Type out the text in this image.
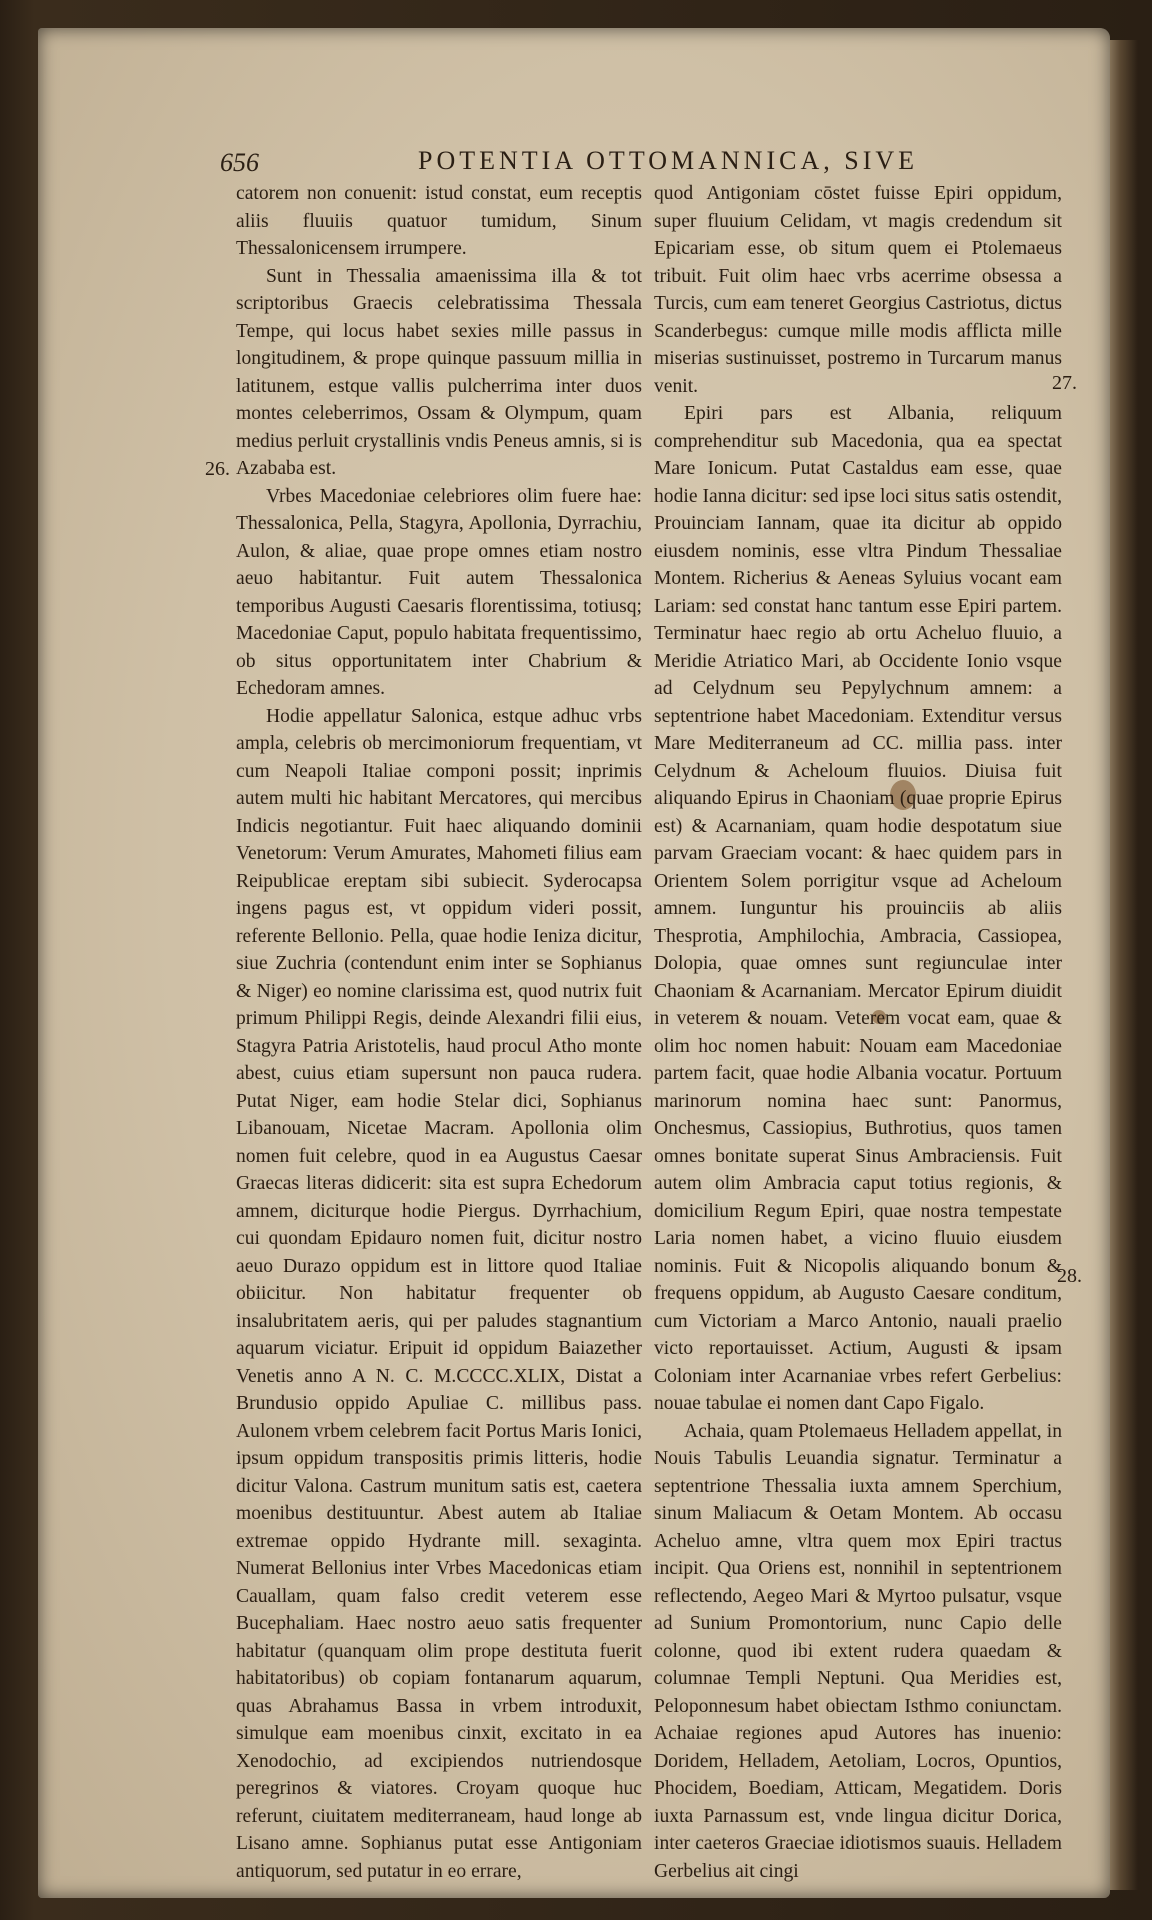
656	POTENTIA OTTOMANNICA, SIVE
26.
27.
28.

catorem non conuenit: istud constat, eum receptis aliis fluuiis quatuor tumidum, Sinum Thessalonicensem irrumpere.

Sunt in Thessalia amaenissima illa & tot scriptoribus Graecis celebratissima Thessala Tempe, qui locus habet sexies mille passus in longitudinem, & prope quinque passuum millia in latitunem, estque vallis pulcherrima inter duos montes celeberrimos, Ossam & Olympum, quam medius perluit crystallinis vndis Peneus amnis, si is Azababa est.

Vrbes Macedoniae celebriores olim fuere hae: Thessalonica, Pella, Stagyra, Apollonia, Dyrrachiu, Aulon, & aliae, quae prope omnes etiam nostro aeuo habitantur. Fuit autem Thessalonica temporibus Augusti Caesaris florentissima, totiusq; Macedoniae Caput, populo habitata frequentissimo, ob situs opportunitatem inter Chabrium & Echedoram amnes.

Hodie appellatur Salonica, estque adhuc vrbs ampla, celebris ob mercimoniorum frequentiam, vt cum Neapoli Italiae componi possit; inprimis autem multi hic habitant Mercatores, qui mercibus Indicis negotiantur. Fuit haec aliquando dominii Venetorum: Verum Amurates, Mahometi filius eam Reipublicae ereptam sibi subiecit. Syderocapsa ingens pagus est, vt oppidum videri possit, referente Bellonio. Pella, quae hodie Ieniza dicitur, siue Zuchria (contendunt enim inter se Sophianus & Niger) eo nomine clarissima est, quod nutrix fuit primum Philippi Regis, deinde Alexandri filii eius, Stagyra Patria Aristotelis, haud procul Atho monte abest, cuius etiam supersunt non pauca rudera. Putat Niger, eam hodie Stelar dici, Sophianus Libanouam, Nicetae Macram. Apollonia olim nomen fuit celebre, quod in ea Augustus Caesar Graecas literas didicerit: sita est supra Echedorum amnem, diciturque hodie Piergus. Dyrrhachium, cui quondam Epidauro nomen fuit, dicitur nostro aeuo Durazo oppidum est in littore quod Italiae obiicitur. Non habitatur frequenter ob insalubritatem aeris, qui per paludes stagnantium aquarum viciatur. Eripuit id oppidum Baiazether Venetis anno A N. C. M.CCCC.XLIX, Distat a Brundusio oppido Apuliae C. millibus pass. Aulonem vrbem celebrem facit Portus Maris Ionici, ipsum oppidum transpositis primis litteris, hodie dicitur Valona. Castrum munitum satis est, caetera moenibus destituuntur. Abest autem ab Italiae extremae oppido Hydrante mill. sexaginta. Numerat Bellonius inter Vrbes Macedonicas etiam Cauallam, quam falso credit veterem esse Bucephaliam. Haec nostro aeuo satis frequenter habitatur (quanquam olim prope destituta fuerit habitatoribus) ob copiam fontanarum aquarum, quas Abrahamus Bassa in vrbem introduxit, simulque eam moenibus cinxit, excitato in ea Xenodochio, ad excipiendos nutriendosque peregrinos & viatores. Croyam quoque huc referunt, ciuitatem mediterraneam, haud longe ab Lisano amne. Sophianus putat esse Antigoniam antiquorum, sed putatur in eo errare,

quod Antigoniam cōstet fuisse Epiri oppidum, super fluuium Celidam, vt magis credendum sit Epicariam esse, ob situm quem ei Ptolemaeus tribuit. Fuit olim haec vrbs acerrime obsessa a Turcis, cum eam teneret Georgius Castriotus, dictus Scanderbegus: cumque mille modis afflicta mille miserias sustinuisset, postremo in Turcarum manus venit.

Epiri pars est Albania, reliquum comprehenditur sub Macedonia, qua ea spectat Mare Ionicum. Putat Castaldus eam esse, quae hodie Ianna dicitur: sed ipse loci situs satis ostendit, Prouinciam Iannam, quae ita dicitur ab oppido eiusdem nominis, esse vltra Pindum Thessaliae Montem. Richerius & Aeneas Syluius vocant eam Lariam: sed constat hanc tantum esse Epiri partem. Terminatur haec regio ab ortu Acheluo fluuio, a Meridie Atriatico Mari, ab Occidente Ionio vsque ad Celydnum seu Pepylychnum amnem: a septentrione habet Macedoniam. Extenditur versus Mare Mediterraneum ad CC. millia pass. inter Celydnum & Acheloum fluuios. Diuisa fuit aliquando Epirus in Chaoniam (quae proprie Epirus est) & Acarnaniam, quam hodie despotatum siue parvam Graeciam vocant: & haec quidem pars in Orientem Solem porrigitur vsque ad Acheloum amnem. Iunguntur his prouinciis ab aliis Thesprotia, Amphilochia, Ambracia, Cassiopea, Dolopia, quae omnes sunt regiunculae inter Chaoniam & Acarnaniam. Mercator Epirum diuidit in veterem & nouam. Veterem vocat eam, quae & olim hoc nomen habuit: Nouam eam Macedoniae partem facit, quae hodie Albania vocatur. Portuum marinorum nomina haec sunt: Panormus, Onchesmus, Cassiopius, Buthrotius, quos tamen omnes bonitate superat Sinus Ambraciensis. Fuit autem olim Ambracia caput totius regionis, & domicilium Regum Epiri, quae nostra tempestate Laria nomen habet, a vicino fluuio eiusdem nominis. Fuit & Nicopolis aliquando bonum & frequens oppidum, ab Augusto Caesare conditum, cum Victoriam a Marco Antonio, nauali praelio victo reportauisset. Actium, Augusti & ipsam Coloniam inter Acarnaniae vrbes refert Gerbelius: nouae tabulae ei nomen dant Capo Figalo.

Achaia, quam Ptolemaeus Helladem appellat, in Nouis Tabulis Leuandia signatur. Terminatur a septentrione Thessalia iuxta amnem Sperchium, sinum Maliacum & Oetam Montem. Ab occasu Acheluo amne, vltra quem mox Epiri tractus incipit. Qua Oriens est, nonnihil in septentrionem reflectendo, Aegeo Mari & Myrtoo pulsatur, vsque ad Sunium Promontorium, nunc Capio delle colonne, quod ibi extent rudera quaedam & columnae Templi Neptuni. Qua Meridies est, Peloponnesum habet obiectam Isthmo coniunctam. Achaiae regiones apud Autores has inuenio: Doridem, Helladem, Aetoliam, Locros, Opuntios, Phocidem, Boediam, Atticam, Megatidem. Doris iuxta Parnassum est, vnde lingua dicitur Dorica, inter caeteros Graeciae idiotismos suauis. Helladem Gerbelius ait cingi
